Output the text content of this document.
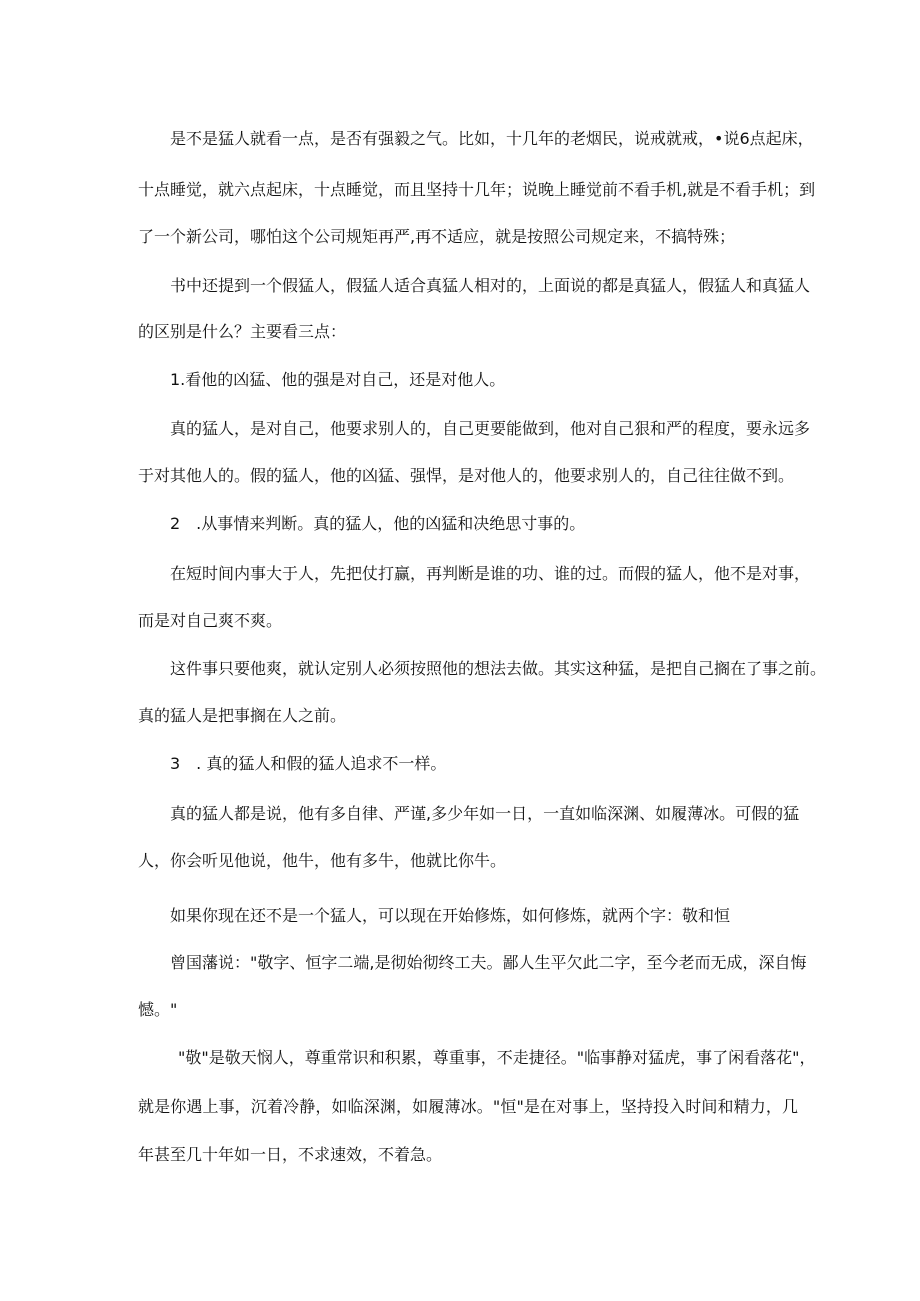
是不是猛人就看一点，是否有强毅之气。比如，十几年的老烟民，说戒就戒，•说6点起床，
十点睡觉，就六点起床，十点睡觉，而且坚持十几年；说晚上睡觉前不看手机,就是不看手机；到
了一个新公司，哪怕这个公司规矩再严,再不适应，就是按照公司规定来，不搞特殊；
书中还提到一个假猛人，假猛人适合真猛人相对的，上面说的都是真猛人，假猛人和真猛人
的区别是什么？主要看三点：
1.看他的凶猛、他的强是对自己，还是对他人。
真的猛人，是对自己，他要求别人的，自己更要能做到，他对自己狠和严的程度，要永远多
于对其他人的。假的猛人，他的凶猛、强悍，是对他人的，他要求别人的，自己往往做不到。
2　.从事情来判断。真的猛人，他的凶猛和决绝思寸事的。
在短时间内事大于人，先把仗打赢，再判断是谁的功、谁的过。而假的猛人，他不是对事，
而是对自己爽不爽。
这件事只要他爽，就认定别人必须按照他的想法去做。其实这种猛，是把自己搁在了事之前。
真的猛人是把事搁在人之前。
3　. 真的猛人和假的猛人追求不一样。
真的猛人都是说，他有多自律、严谨,多少年如一日，一直如临深渊、如履薄冰。可假的猛
人，你会听见他说，他牛，他有多牛，他就比你牛。
如果你现在还不是一个猛人，可以现在开始修炼，如何修炼，就两个字：敬和恒
曾国藩说："敬字、恒字二端,是彻始彻终工夫。鄙人生平欠此二字，至今老而无成，深自悔
憾。"
"敬"是敬天悯人，尊重常识和积累，尊重事，不走捷径。"临事静对猛虎，事了闲看落花"，
就是你遇上事，沉着冷静，如临深渊，如履薄冰。"恒"是在对事上，坚持投入时间和精力，几
年甚至几十年如一日，不求速效，不着急。
